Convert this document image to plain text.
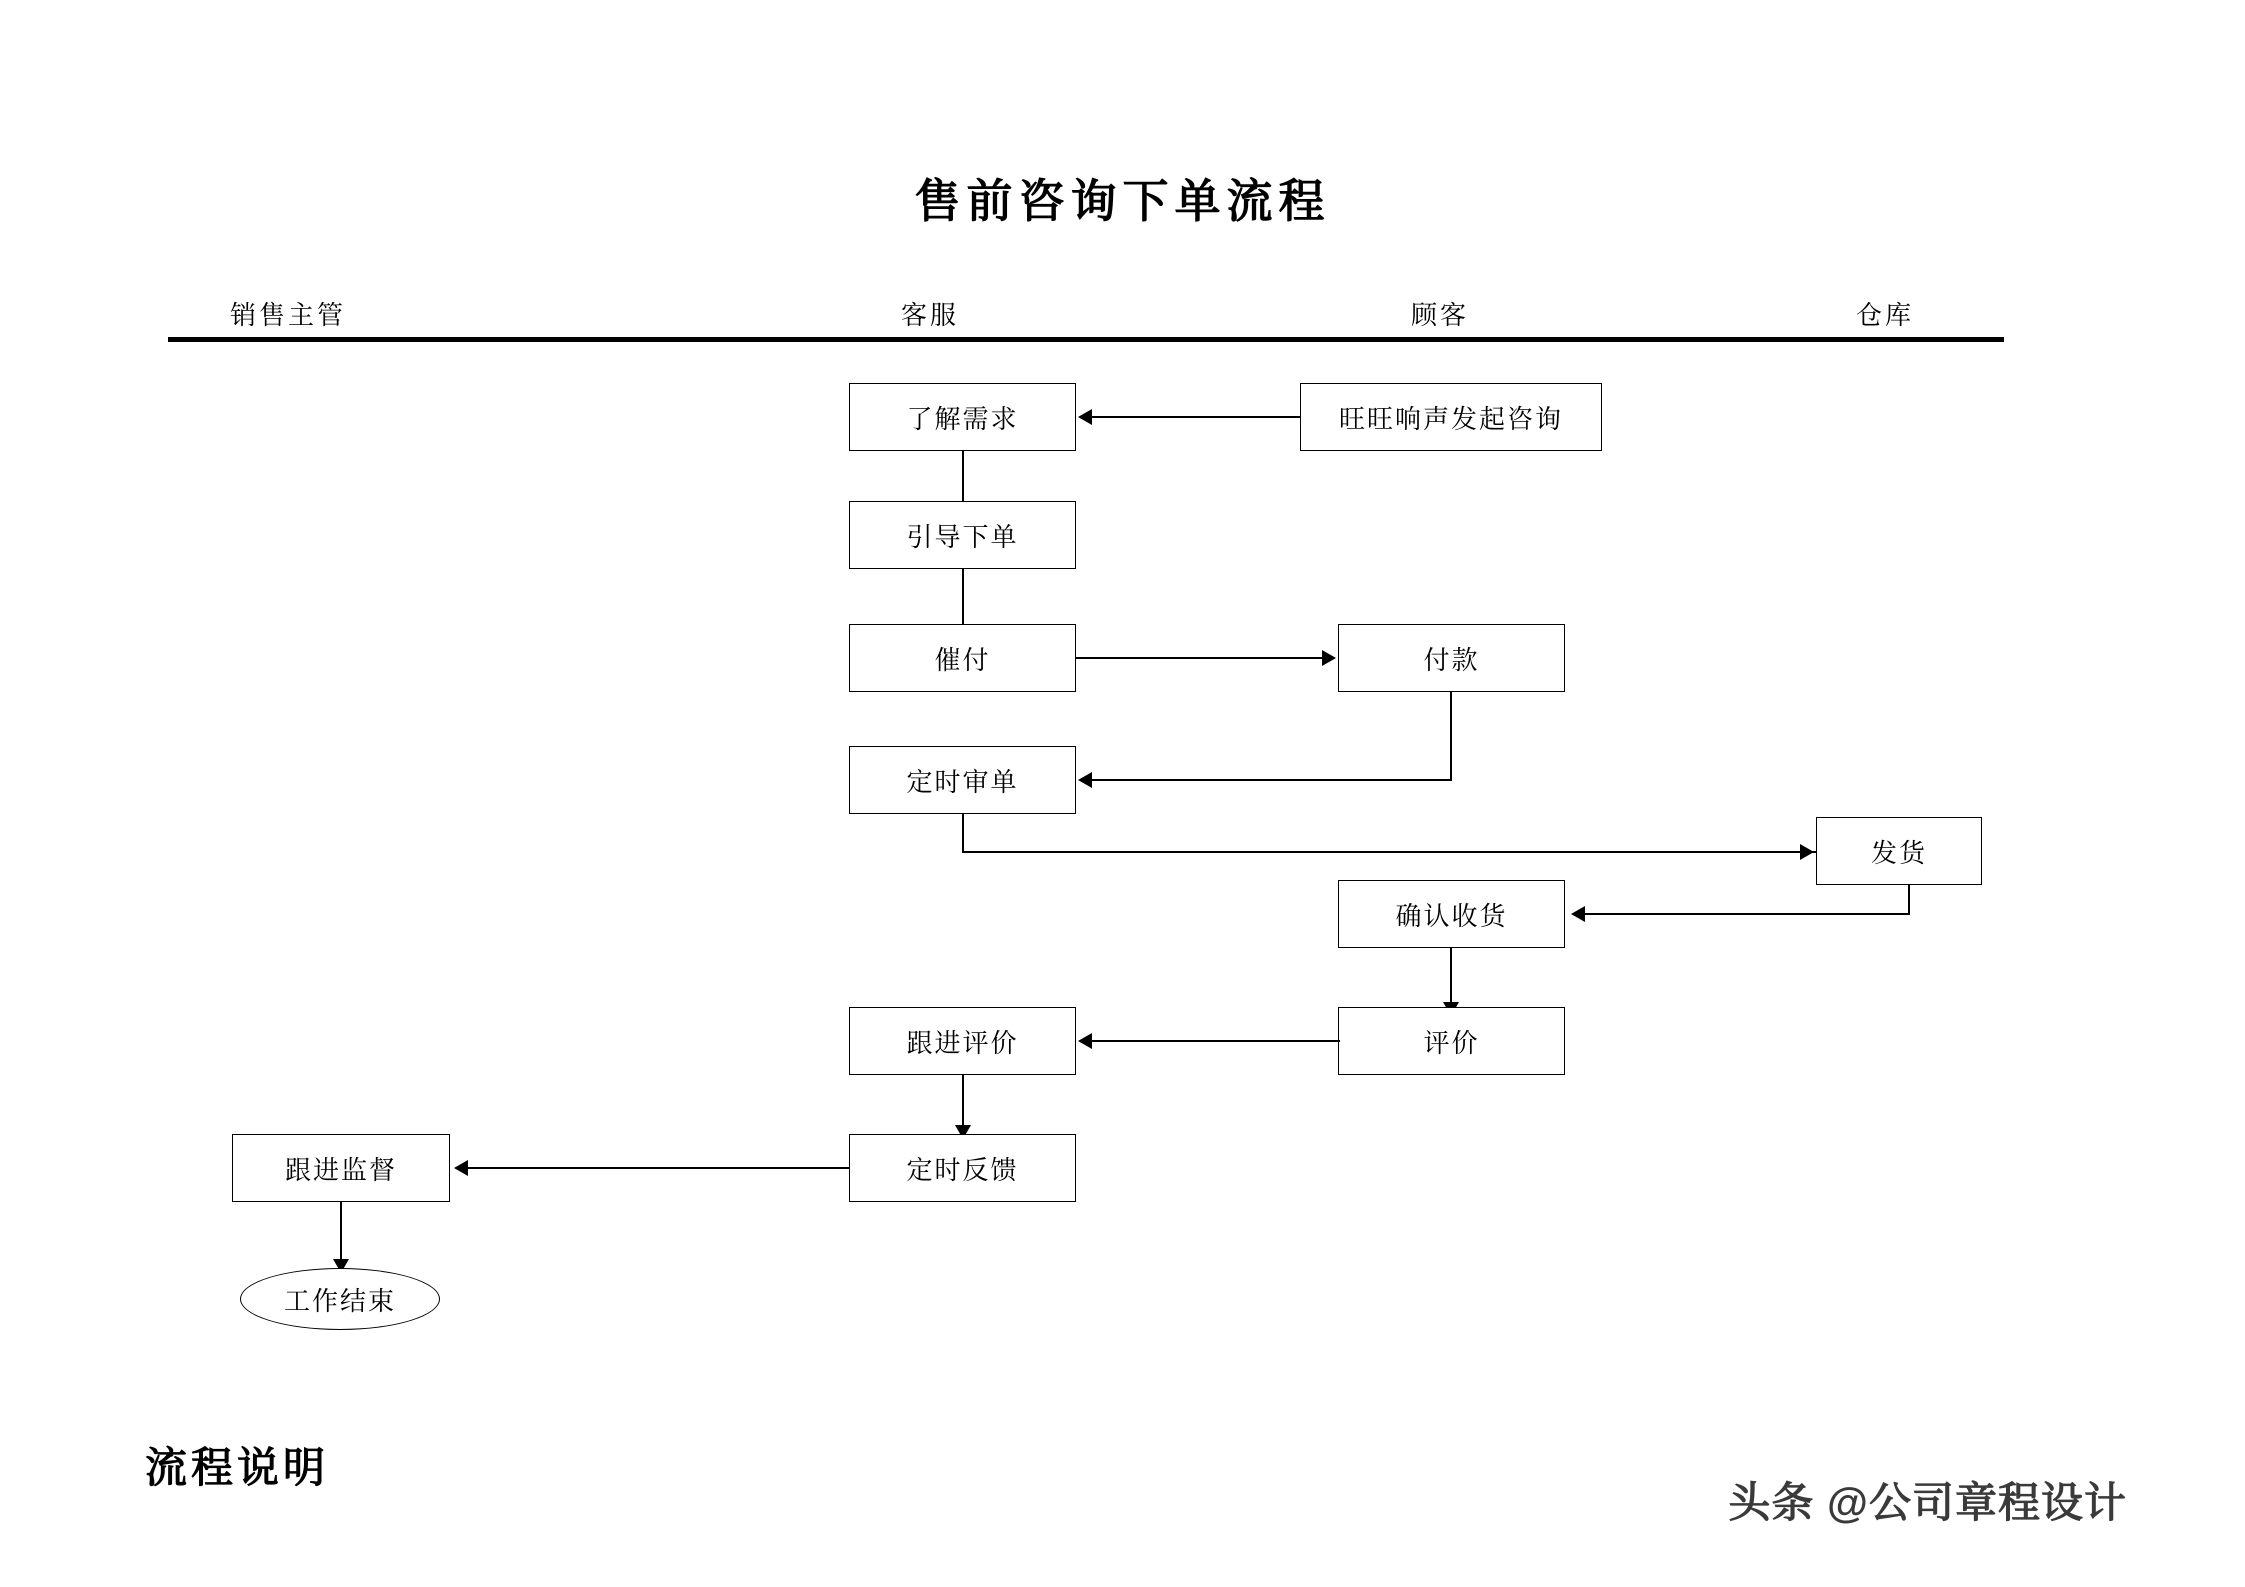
售前咨询下单流程
销售主管	客服	顾客	仓库
了解需求	旺旺响声发起咨询
引导下单
催付	付款
定时审单
发货
确认收货
评价
跟进评价
定时反馈
跟进监督
工作结束
流程说明
头条 @公司章程设计
